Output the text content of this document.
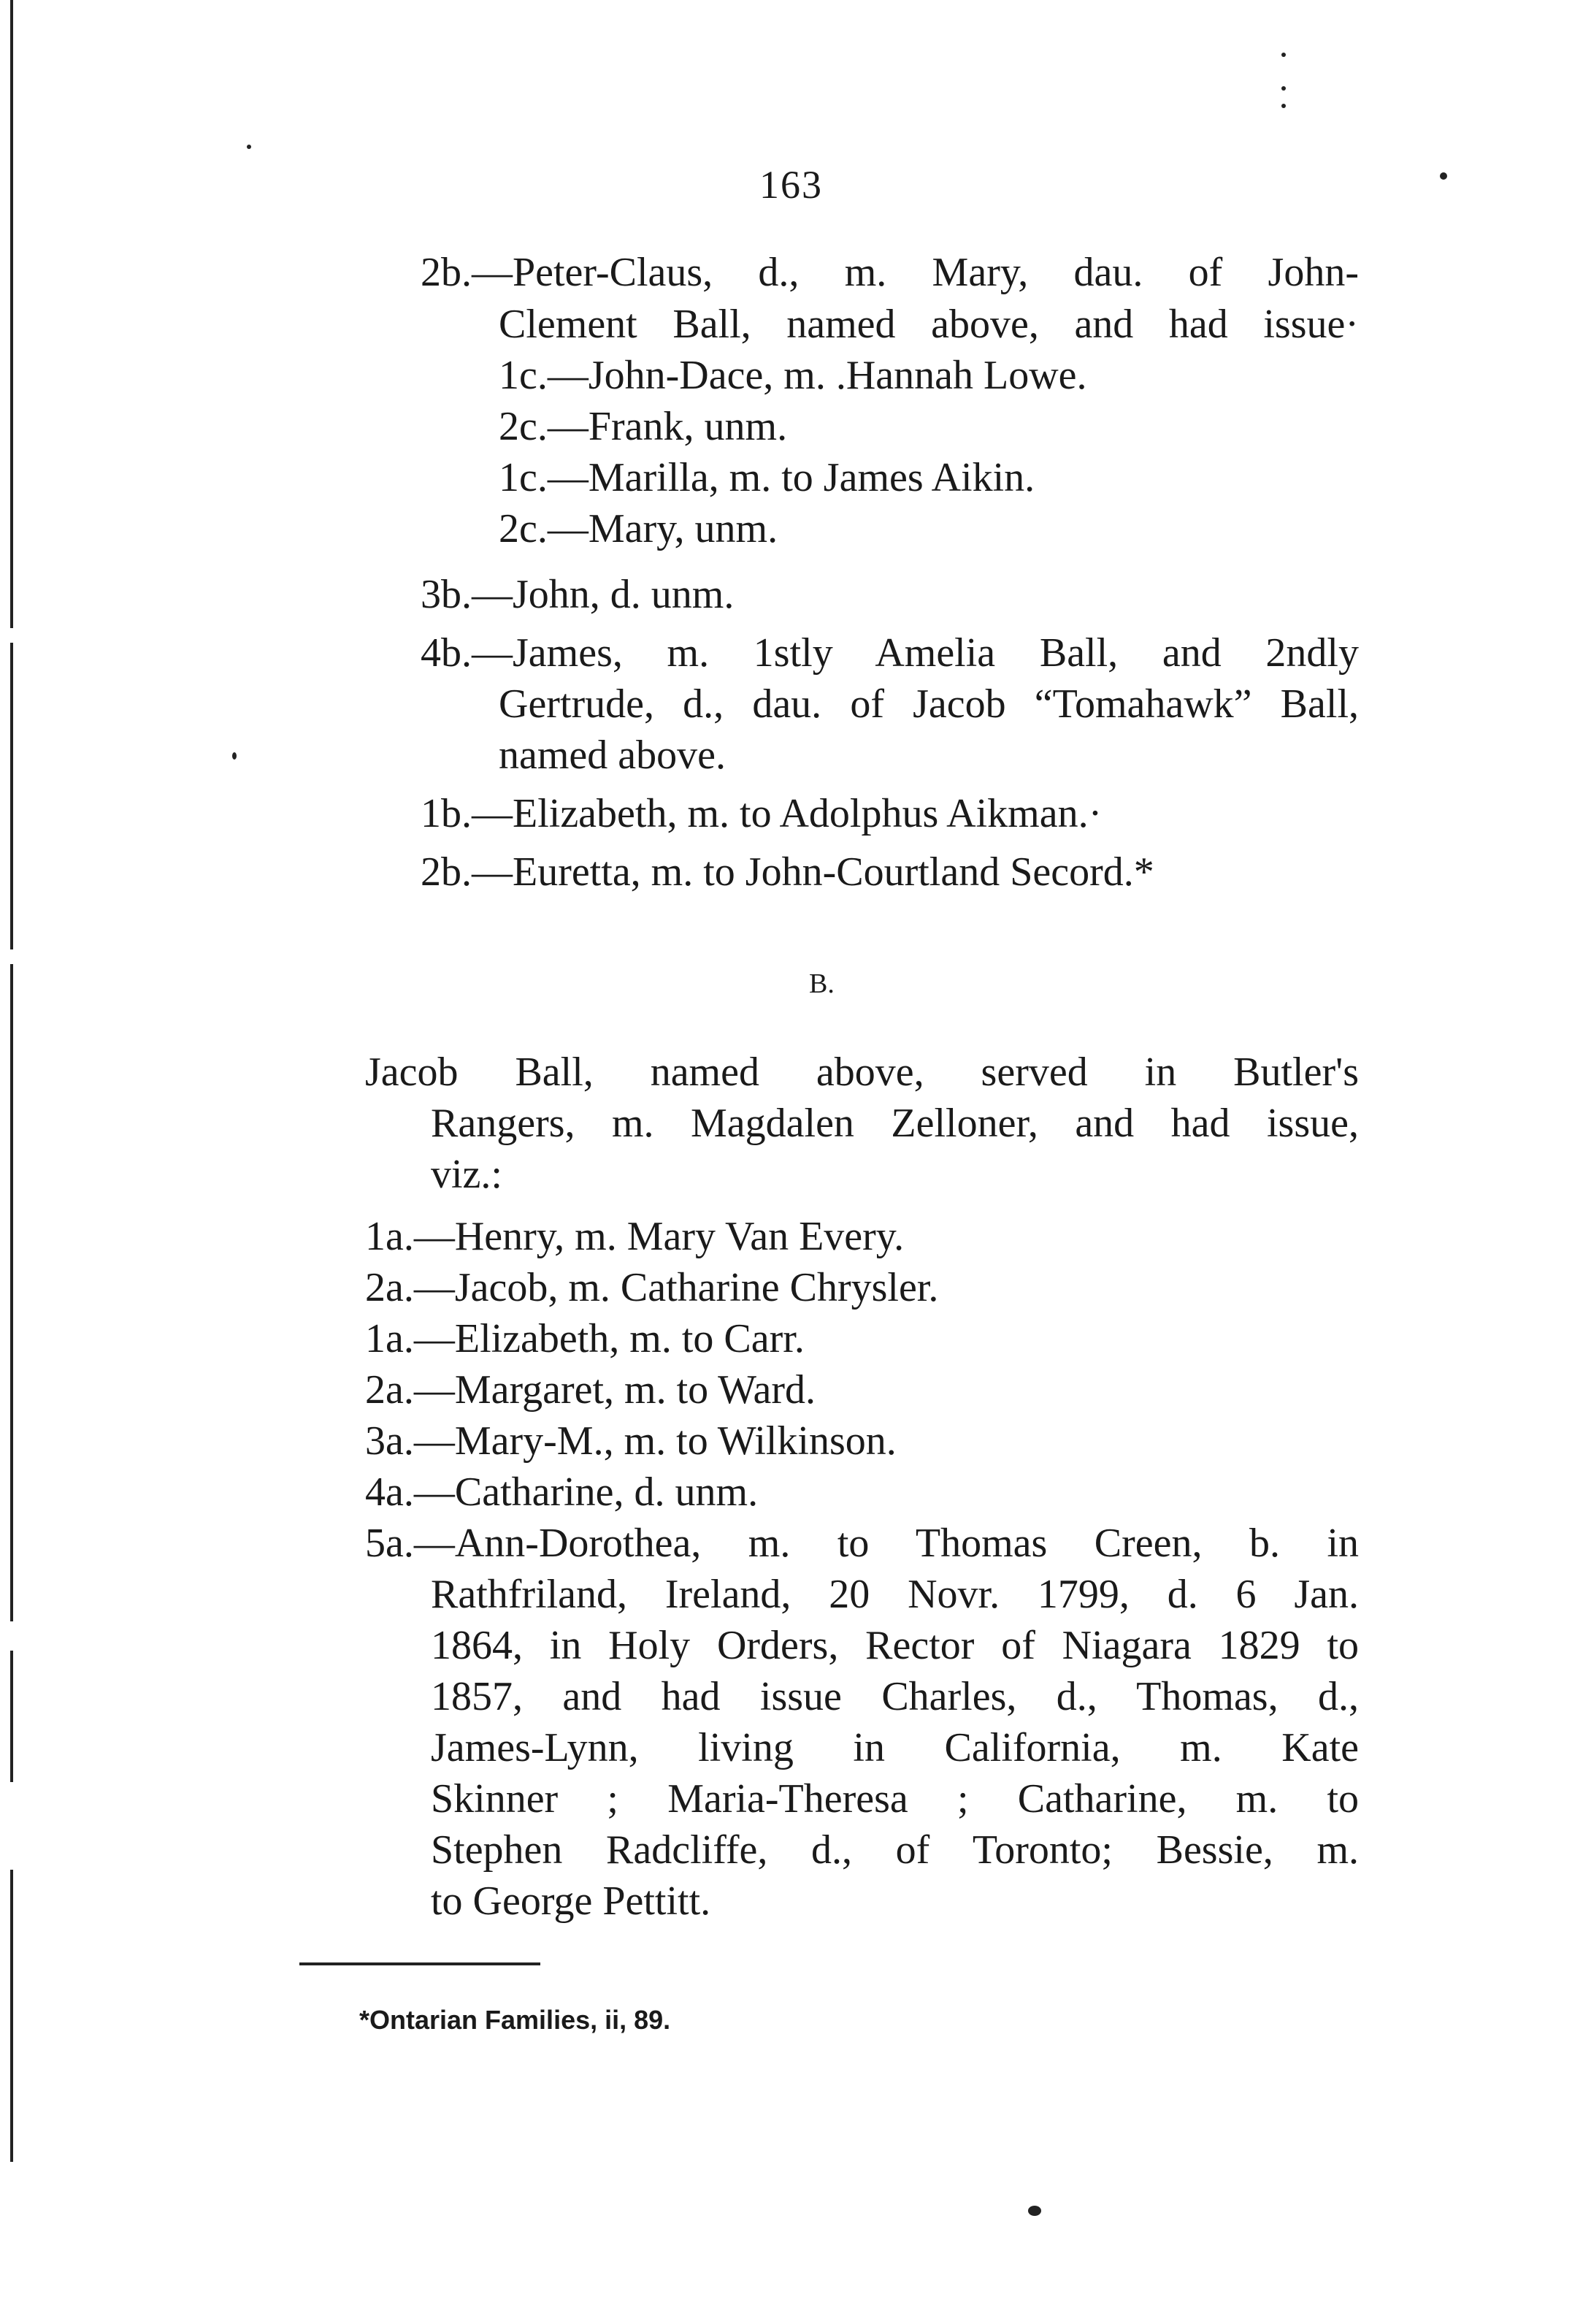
163
2b.—Peter-Claus, d., m. Mary, dau. of John-
Clement Ball, named above, and had issue·
1c.—John-Dace, m. .Hannah Lowe.
2c.—Frank, unm.
1c.—Marilla, m. to James Aikin.
2c.—Mary, unm.
3b.—John, d. unm.
4b.—James, m. 1stly Amelia Ball, and 2ndly
Gertrude, d., dau. of Jacob “Tomahawk” Ball,
named above.
1b.—Elizabeth, m. to Adolphus Aikman.·
2b.—Euretta, m. to John-Courtland Secord.*
B.
Jacob Ball, named above, served in Butler's
Rangers, m. Magdalen Zelloner, and had issue,
viz.:
1a.—Henry, m. Mary Van Every.
2a.—Jacob, m. Catharine Chrysler.
1a.—Elizabeth, m. to Carr.
2a.—Margaret, m. to Ward.
3a.—Mary-M., m. to Wilkinson.
4a.—Catharine, d. unm.
5a.—Ann-Dorothea, m. to Thomas Creen, b. in
Rathfriland, Ireland, 20 Novr. 1799, d. 6 Jan.
1864, in Holy Orders, Rector of Niagara 1829 to
1857, and had issue Charles, d., Thomas, d.,
James-Lynn, living in California, m. Kate
Skinner ; Maria-Theresa ; Catharine, m. to
Stephen Radcliffe, d., of Toronto; Bessie, m.
to George Pettitt.
*Ontarian Families, ii, 89.
